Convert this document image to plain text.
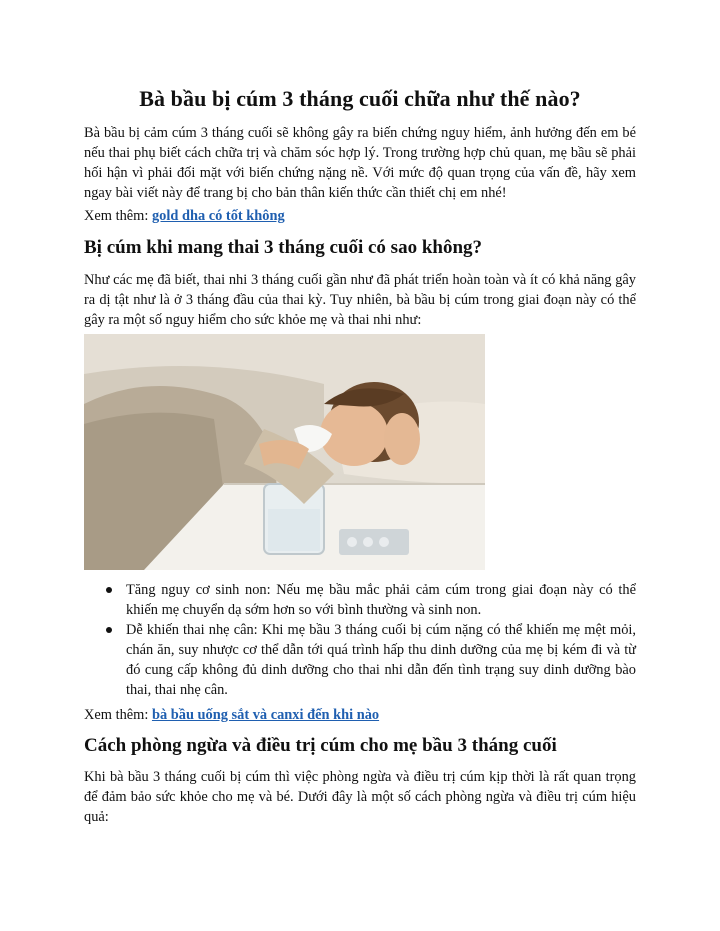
Bà bầu bị cúm 3 tháng cuối chữa như thế nào?

Bà bầu bị cảm cúm 3 tháng cuối sẽ không gây ra biến chứng nguy hiểm, ảnh hưởng đến em bé nếu thai phụ biết cách chữa trị và chăm sóc hợp lý. Trong trường hợp chủ quan, mẹ bầu sẽ phải hối hận vì phải đối mặt với biến chứng nặng nề. Với mức độ quan trọng của vấn đề, hãy xem ngay bài viết này để trang bị cho bản thân kiến thức cần thiết chị em nhé!

Xem thêm: gold dha có tốt không

Bị cúm khi mang thai 3 tháng cuối có sao không?

Như các mẹ đã biết, thai nhi 3 tháng cuối gần như đã phát triển hoàn toàn và ít có khả năng gây ra dị tật như là ở 3 tháng đầu của thai kỳ. Tuy nhiên, bà bầu bị cúm trong giai đoạn này có thể gây ra một số nguy hiểm cho sức khỏe mẹ và thai nhi như:

Tăng nguy cơ sinh non: Nếu mẹ bầu mắc phải cảm cúm trong giai đoạn này có thể khiến mẹ chuyển dạ sớm hơn so với bình thường và sinh non.
Dễ khiến thai nhẹ cân: Khi mẹ bầu 3 tháng cuối bị cúm nặng có thể khiến mẹ mệt mỏi, chán ăn, suy nhược cơ thể dẫn tới quá trình hấp thu dinh dưỡng của mẹ bị kém đi và từ đó cung cấp không đủ dinh dưỡng cho thai nhi dẫn đến tình trạng suy dinh dưỡng bào thai, thai nhẹ cân.

Xem thêm: bà bầu uống sắt và canxi đến khi nào

Cách phòng ngừa và điều trị cúm cho mẹ bầu 3 tháng cuối

Khi bà bầu 3 tháng cuối bị cúm thì việc phòng ngừa và điều trị cúm kịp thời là rất quan trọng để đảm bảo sức khỏe cho mẹ và bé. Dưới đây là một số cách phòng ngừa và điều trị cúm hiệu quả:
